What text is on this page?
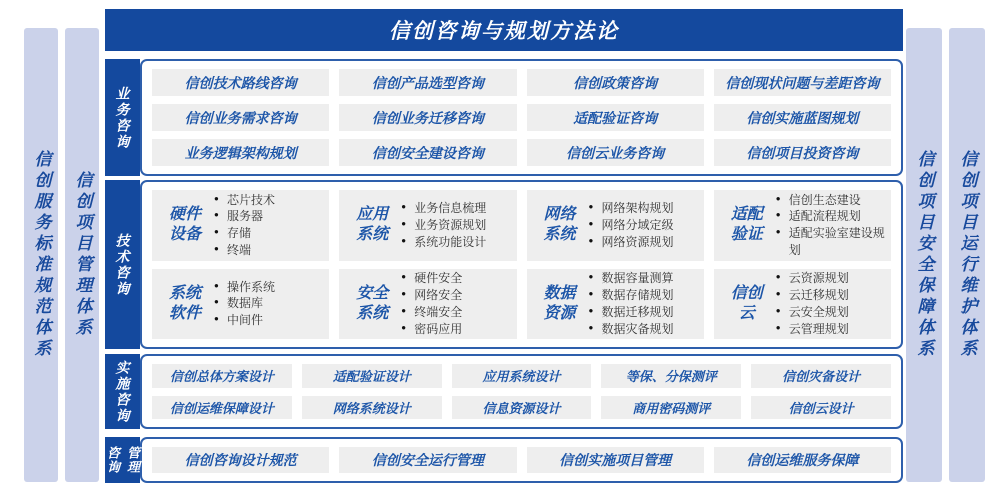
信创服务标准规范体系 信创项目管理体系	信创项目安全保障体系 信创项目运行维护体系
信创咨询与规划方法论
业务咨询
信创技术路线咨询	信创产品选型咨询	信创政策咨询	信创现状问题与差距咨询
信创业务需求咨询	信创业务迁移咨询	适配验证咨询	信创实施蓝图规划
业务逻辑架构规划	信创安全建设咨询	信创云业务咨询	信创项目投资咨询
技术咨询
硬件
设备
● 芯片技术
● 服务器
● 存储
● 终端
应用
系统
● 业务信息梳理
● 业务资源规划
● 系统功能设计
网络
系统
● 网络架构规划
● 网络分域定级
● 网络资源规划
适配
验证
● 信创生态建设
● 适配流程规划
● 适配实验室建设规划
系统
软件
● 操作系统
● 数据库
● 中间件
安全
系统
● 硬件安全
● 网络安全
● 终端安全
● 密码应用
数据
资源
● 数据容量测算
● 数据存储规划
● 数据迁移规划
● 数据灾备规划
信创
云
● 云资源规划
● 云迁移规划
● 云安全规划
● 云管理规划
实施咨询	信创总体方案设计	适配验证设计	应用系统设计	等保、分保测评	信创灾备设计
信创运维保障设计	网络系统设计	信息资源设计	商用密码测评	信创云设计
咨询 管理	信创咨询设计规范	信创安全运行管理	信创实施项目管理	信创运维服务保障
